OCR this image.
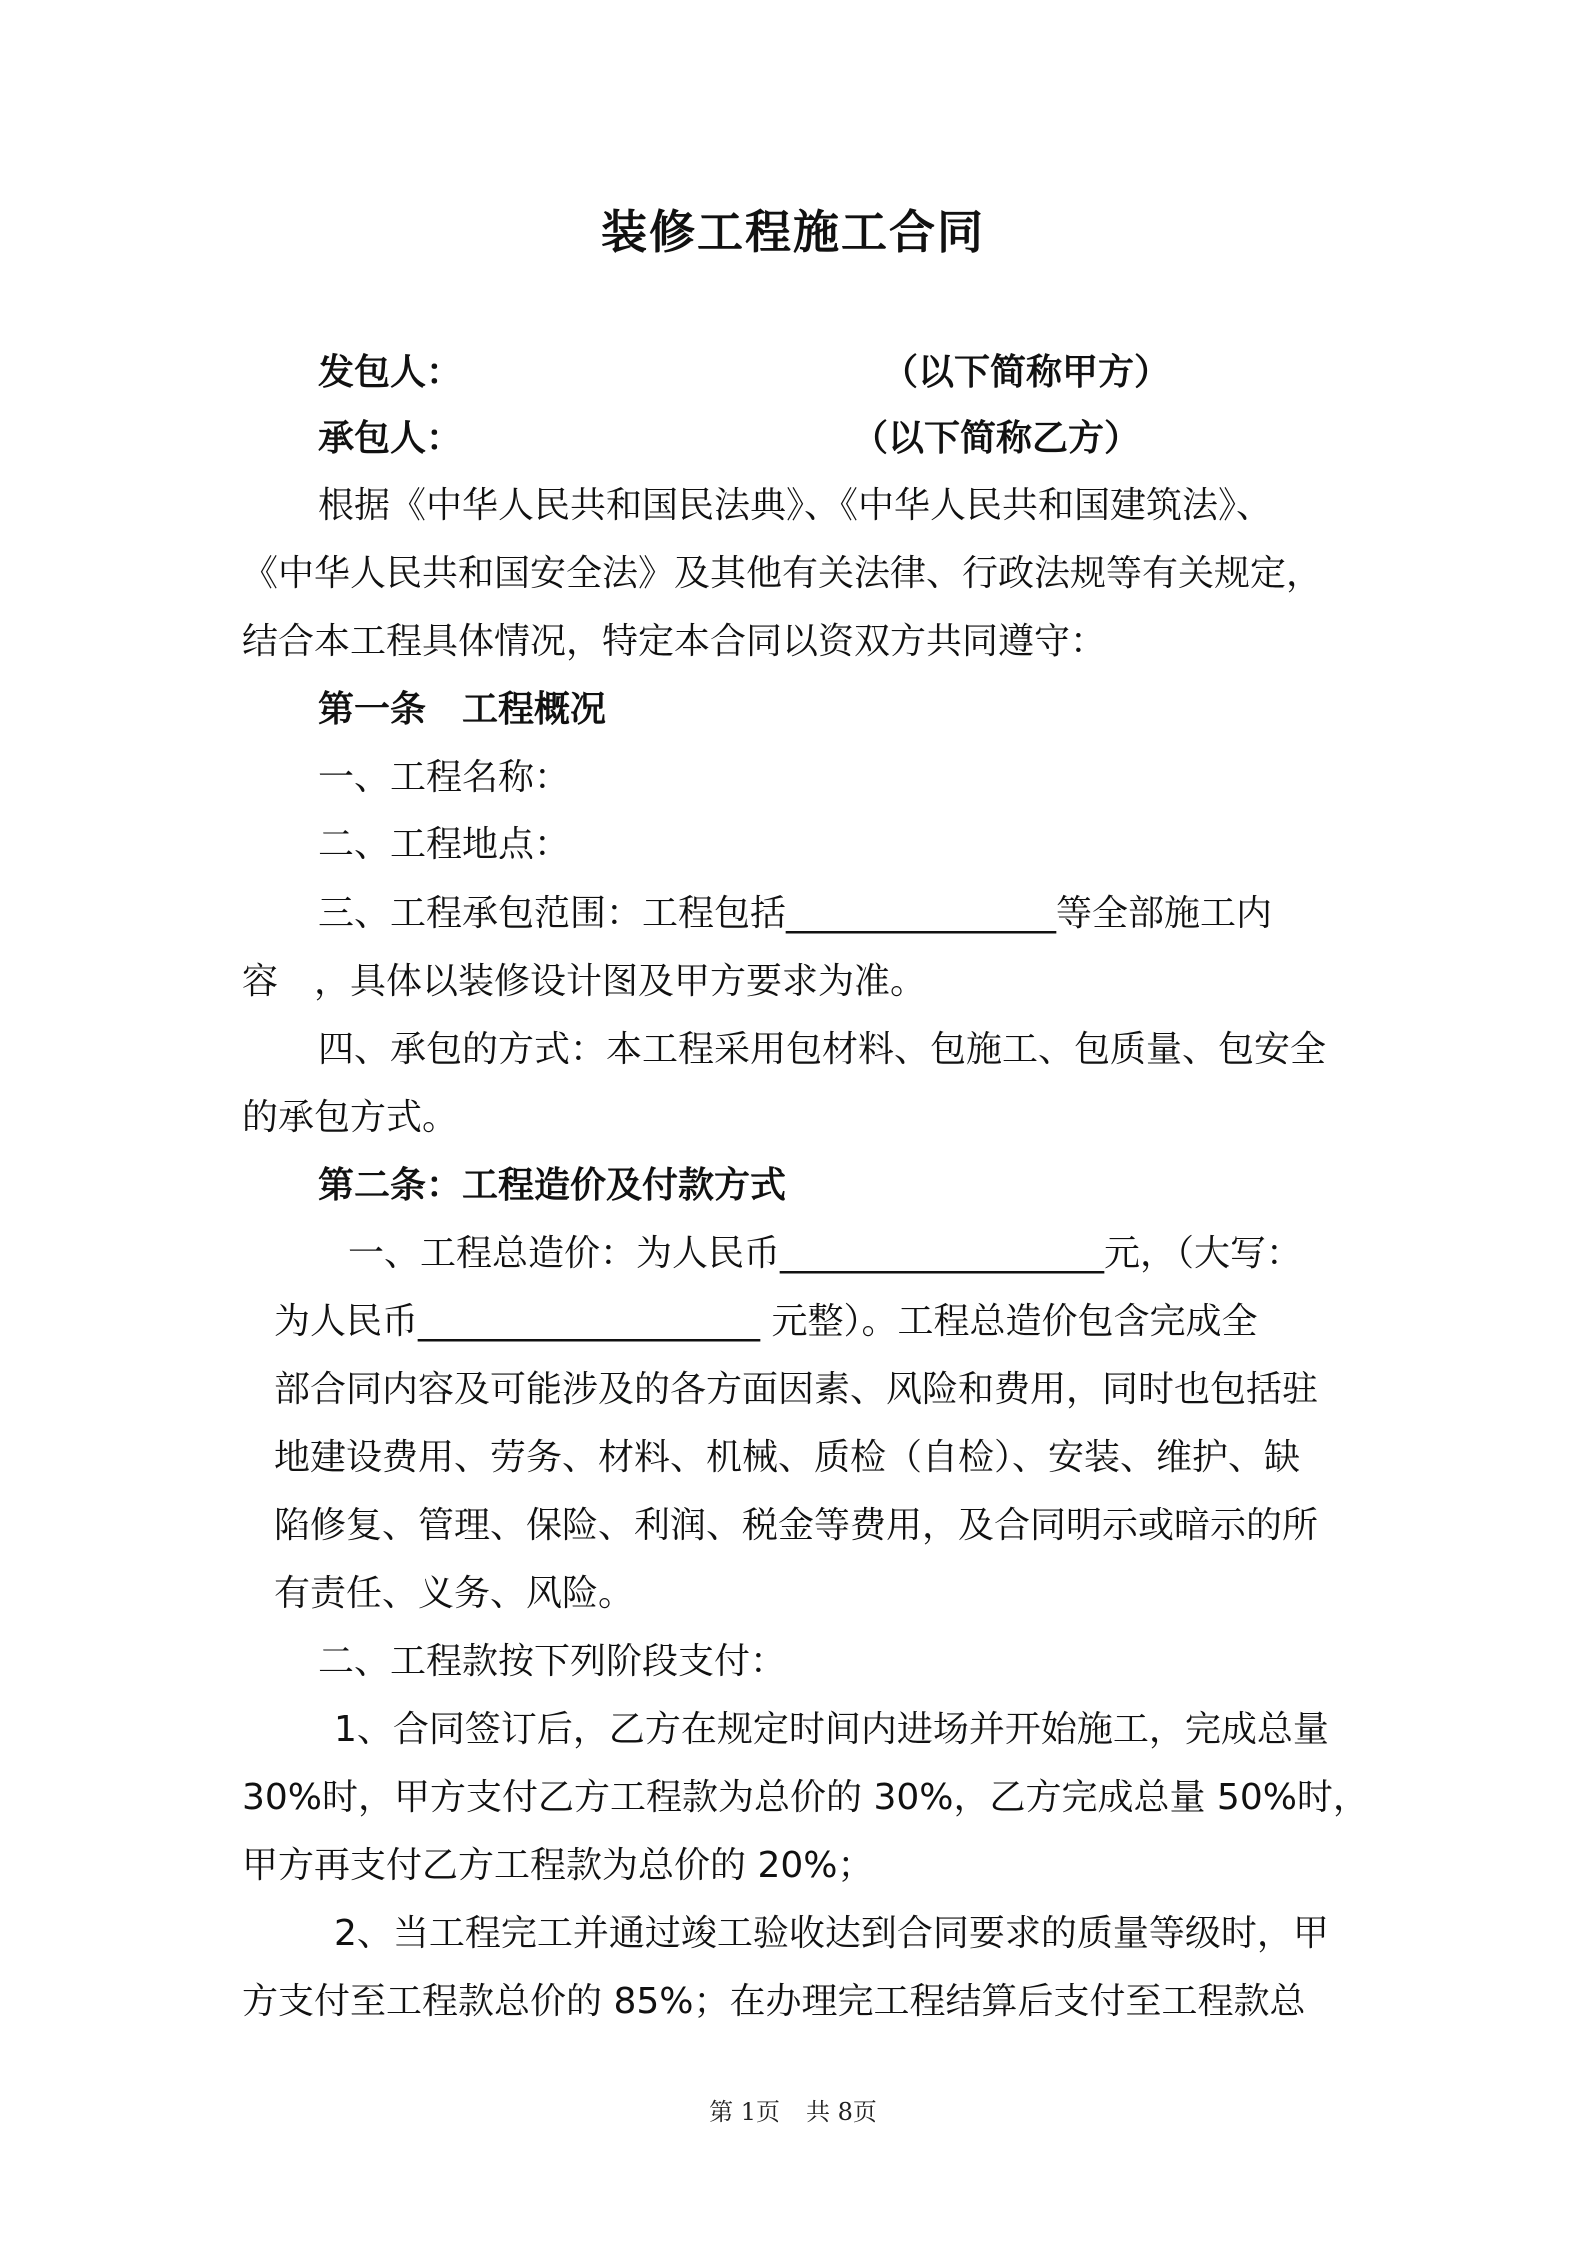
装修工程施工合同
发包人：	（以下简称甲方）
承包人：	（以下简称乙方）
根据《中华人民共和国民法典》、《中华人民共和国建筑法》、
《中华人民共和国安全法》及其他有关法律、行政法规等有关规定，
结合本工程具体情况，特定本合同以资双方共同遵守：
第一条　工程概况
一、工程名称：
二、工程地点：
三、工程承包范围：工程包括_______________等全部施工内
容　，具体以装修设计图及甲方要求为准。
四、承包的方式：本工程采用包材料、包施工、包质量、包安全
的承包方式。
第二条：工程造价及付款方式
一、工程总造价：为人民币__________________元，（大写：
为人民币___________________ 元整）。工程总造价包含完成全
部合同内容及可能涉及的各方面因素、风险和费用，同时也包括驻
地建设费用、劳务、材料、机械、质检（自检）、安装、维护、缺
陷修复、管理、保险、利润、税金等费用，及合同明示或暗示的所
有责任、义务、风险。
二、工程款按下列阶段支付：
1、合同签订后，乙方在规定时间内进场并开始施工，完成总量
30%时，甲方支付乙方工程款为总价的 30%，乙方完成总量 50%时，
甲方再支付乙方工程款为总价的 20%；
2、当工程完工并通过竣工验收达到合同要求的质量等级时，甲
方支付至工程款总价的 85%；在办理完工程结算后支付至工程款总
第 1页 共 8页
